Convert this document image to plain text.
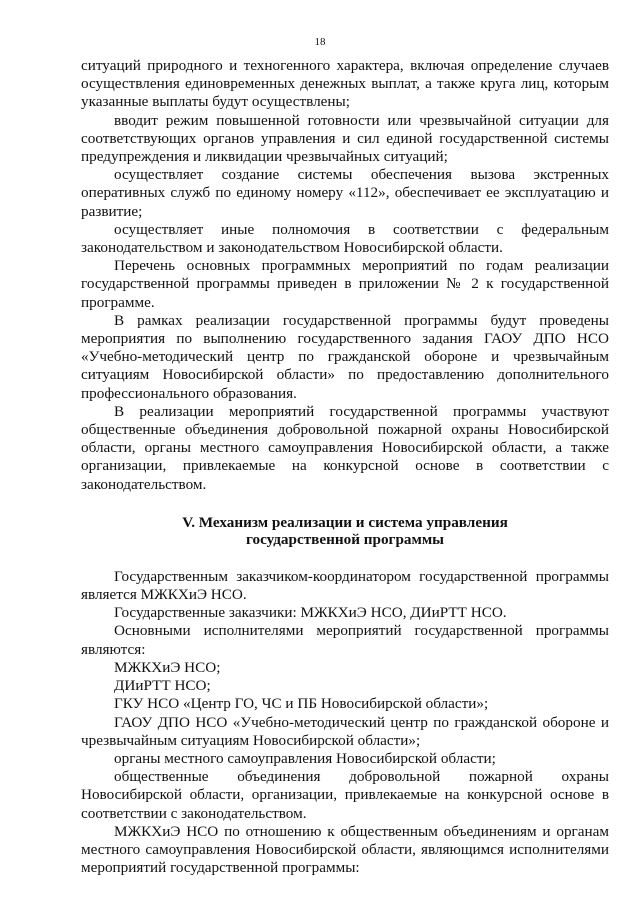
18

ситуаций природного и техногенного характера, включая определение случаев осуществления единовременных денежных выплат, а также круга лиц, которым указанные выплаты будут осуществлены;

вводит режим повышенной готовности или чрезвычайной ситуации для соответствующих органов управления и сил единой государственной системы предупреждения и ликвидации чрезвычайных ситуаций;

осуществляет создание системы обеспечения вызова экстренных оперативных служб по единому номеру «112», обеспечивает ее эксплуатацию и развитие;

осуществляет иные полномочия в соответствии с федеральным законодательством и законодательством Новосибирской области.

Перечень основных программных мероприятий по годам реализации государственной программы приведен в приложении № 2 к государственной программе.

В рамках реализации государственной программы будут проведены мероприятия по выполнению государственного задания ГАОУ ДПО НСО «Учебно-методический центр по гражданской обороне и чрезвычайным ситуациям Новосибирской области» по предоставлению дополнительного профессионального образования.

В реализации мероприятий государственной программы участвуют общественные объединения добровольной пожарной охраны Новосибирской области, органы местного самоуправления Новосибирской области, а также организации, привлекаемые на конкурсной основе в соответствии с законодательством.

V. Механизм реализации и система управления
государственной программы

Государственным заказчиком-координатором государственной программы является МЖКХиЭ НСО.

Государственные заказчики: МЖКХиЭ НСО, ДИиРТТ НСО.

Основными исполнителями мероприятий государственной программы являются:

МЖКХиЭ НСО;

ДИиРТТ НСО;

ГКУ НСО «Центр ГО, ЧС и ПБ Новосибирской области»;

ГАОУ ДПО НСО «Учебно-методический центр по гражданской обороне и чрезвычайным ситуациям Новосибирской области»;

органы местного самоуправления Новосибирской области;

общественные объединения добровольной пожарной охраны Новосибирской области, организации, привлекаемые на конкурсной основе в соответствии с законодательством.

МЖКХиЭ НСО по отношению к общественным объединениям и органам местного самоуправления Новосибирской области, являющимся исполнителями мероприятий государственной программы:
